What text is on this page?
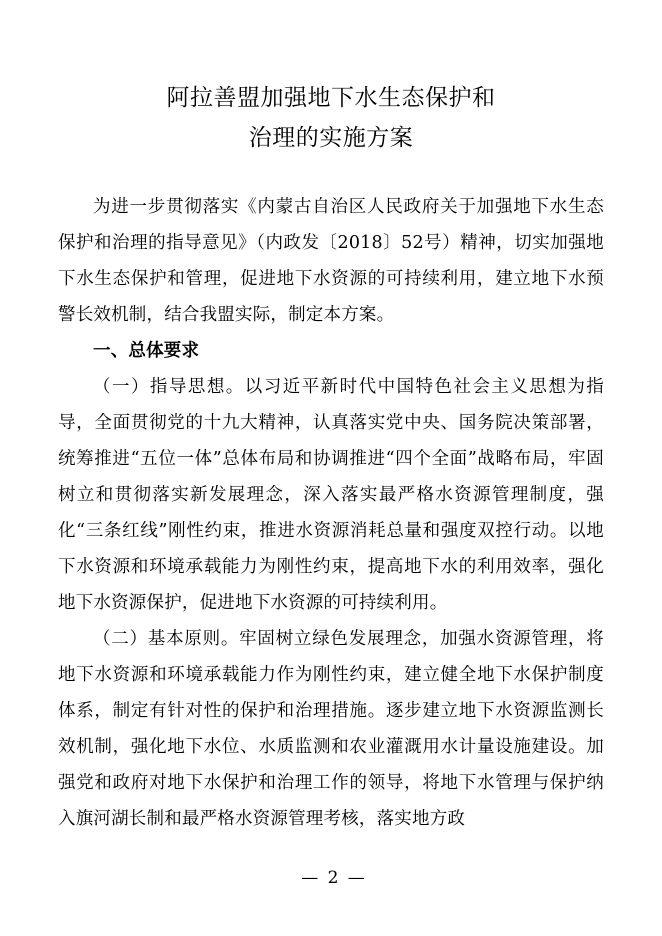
阿拉善盟加强地下水生态保护和
治理的实施方案

为进一步贯彻落实《内蒙古自治区人民政府关于加强地下水生态保护和治理的指导意见》（内政发〔2018〕52号）精神，切实加强地下水生态保护和管理，促进地下水资源的可持续利用，建立地下水预警长效机制，结合我盟实际，制定本方案。

一、总体要求

（一）指导思想。以习近平新时代中国特色社会主义思想为指导，全面贯彻党的十九大精神，认真落实党中央、国务院决策部署，统筹推进“五位一体”总体布局和协调推进“四个全面”战略布局，牢固树立和贯彻落实新发展理念，深入落实最严格水资源管理制度，强化“三条红线”刚性约束，推进水资源消耗总量和强度双控行动。以地下水资源和环境承载能力为刚性约束，提高地下水的利用效率，强化地下水资源保护，促进地下水资源的可持续利用。

（二）基本原则。牢固树立绿色发展理念，加强水资源管理，将地下水资源和环境承载能力作为刚性约束，建立健全地下水保护制度体系，制定有针对性的保护和治理措施。逐步建立地下水资源监测长效机制，强化地下水位、水质监测和农业灌溉用水计量设施建设。加强党和政府对地下水保护和治理工作的领导，将地下水管理与保护纳入旗河湖长制和最严格水资源管理考核，落实地方政

— 2 —
